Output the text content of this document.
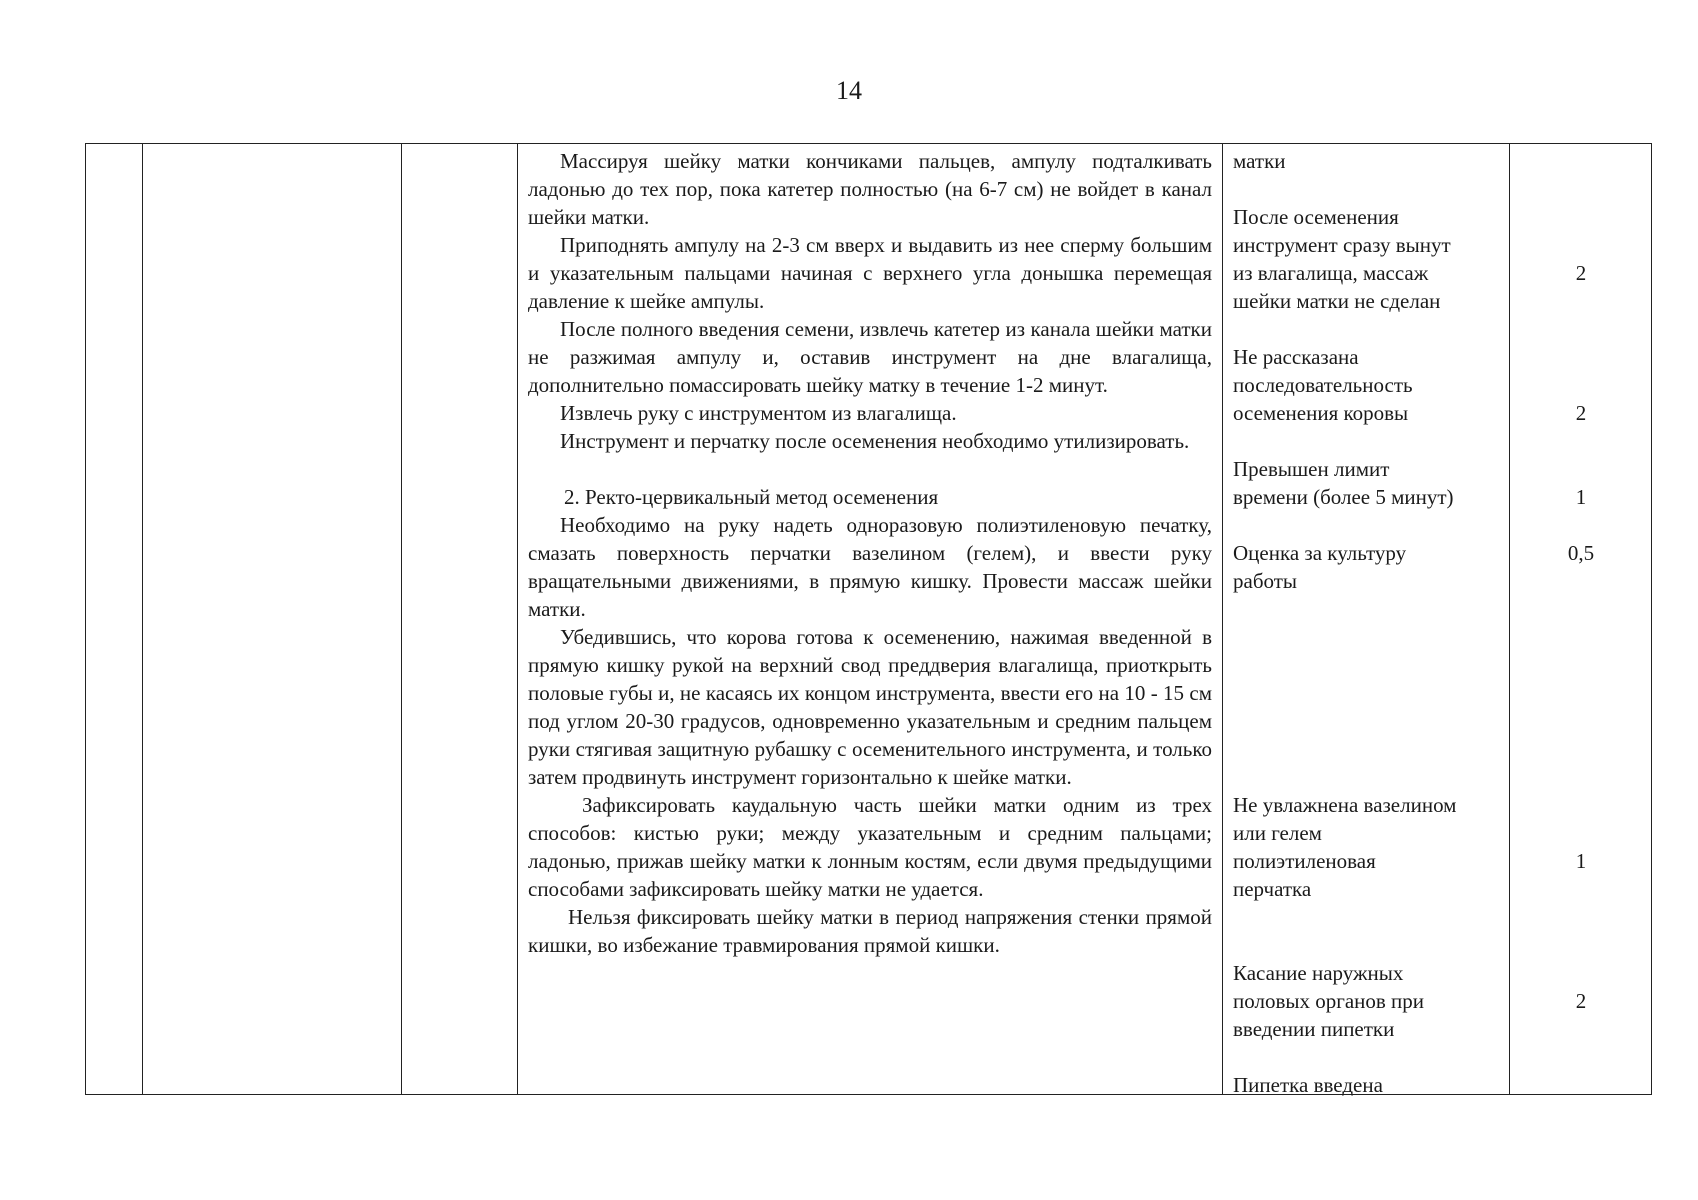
14

Массируя шейку матки кончиками пальцев, ампулу подталкивать ладонью до тех пор, пока катетер полностью (на 6-7 см) не войдет в канал шейки матки.

Приподнять ампулу на 2-3 см вверх и выдавить из нее сперму большим и указательным пальцами начиная с верхнего угла донышка перемещая давление к шейке ампулы.

После полного введения семени, извлечь катетер из канала шейки матки не разжимая ампулу и, оставив инструмент на дне влагалища, дополнительно помассировать шейку матку в течение 1-2 минут.

Извлечь руку с инструментом из влагалища.

Инструмент и перчатку после осеменения необходимо утилизировать.

2. Ректо-цервикальный метод осеменения

Необходимо на руку надеть одноразовую полиэтиленовую печатку, смазать поверхность перчатки вазелином (гелем), и ввести руку вращательными движениями, в прямую кишку. Провести массаж шейки матки.

Убедившись, что корова готова к осеменению, нажимая введенной в прямую кишку рукой на верхний свод преддверия влагалища, приоткрыть половые губы и, не касаясь их концом инструмента, ввести его на 10 - 15 см под углом 20-30 градусов, одновременно указательным и средним пальцем руки стягивая защитную рубашку с осеменительного инструмента, и только затем продвинуть инструмент горизонтально к шейке матки.

Зафиксировать каудальную часть шейки матки одним из трех способов: кистью руки; между указательным и средним пальцами; ладонью, прижав шейку матки к лонным костям, если двумя предыдущими способами зафиксировать шейку матки не удается.

Нельзя фиксировать шейку матки в период напряжения стенки прямой кишки, во избежание травмирования прямой кишки.

матки
После осеменения
инструмент сразу вынут
из влагалища, массаж
шейки матки не сделан
Не рассказана
последовательность
осеменения коровы
Превышен лимит
времени (более 5 минут)
Оценка за культуру
работы
Не увлажнена вазелином
или гелем
полиэтиленовая
перчатка
Касание наружных
половых органов при
введении пипетки
Пипетка введена
2
2
1
0,5
1
2
